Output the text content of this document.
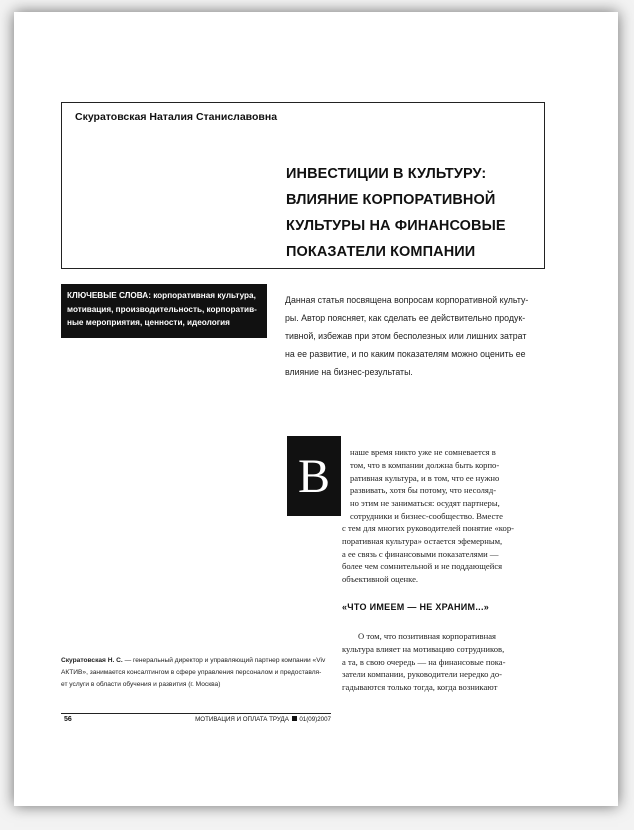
Скуратовская Наталия Станиславовна
ИНВЕСТИЦИИ В КУЛЬТУРУ:
ВЛИЯНИЕ КОРПОРАТИВНОЙ
КУЛЬТУРЫ НА ФИНАНСОВЫЕ
ПОКАЗАТЕЛИ КОМПАНИИ
КЛЮЧЕВЫЕ СЛОВА: корпоративная культура,
мотивация, производительность, корпоратив-
ные мероприятия, ценности, идеология
Данная статья посвящена вопросам корпоративной культу-
ры. Автор поясняет, как сделать ее действительно продук-
тивной, избежав при этом бесполезных или лишних затрат
на ее развитие, и по каким показателям можно оценить ее
влияние на бизнес-результаты.
В	наше время никто уже не сомневается в
том, что в компании должна быть корпо-
ративная культура, и в том, что ее нужно
развивать, хотя бы потому, что несоляд-
но этим не заниматься: осудят партнеры,
сотрудники и бизнес-сообщество. Вместе
с тем для многих руководителей понятие «кор-
поративная культура» остается эфемерным,
а ее связь с финансовыми показателями —
более чем сомнительной и не поддающейся
объективной оценке.
«ЧТО ИМЕЕМ — НЕ ХРАНИМ...»
О том, что позитивная корпоративная
культура влияет на мотивацию сотрудников,
а та, в свою очередь — на финансовые пока-
затели компании, руководители нередко до-
гадываются только тогда, когда возникают
Скуратовская Н. С. — генеральный директор и управляющий партнер компании «Viv
АКТИВ», занимается консалтингом в сфере управления персоналом и предоставля-
ет услуги в области обучения и развития (г. Москва)
56	МОТИВАЦИЯ И ОПЛАТА ТРУДА 01(09)2007
